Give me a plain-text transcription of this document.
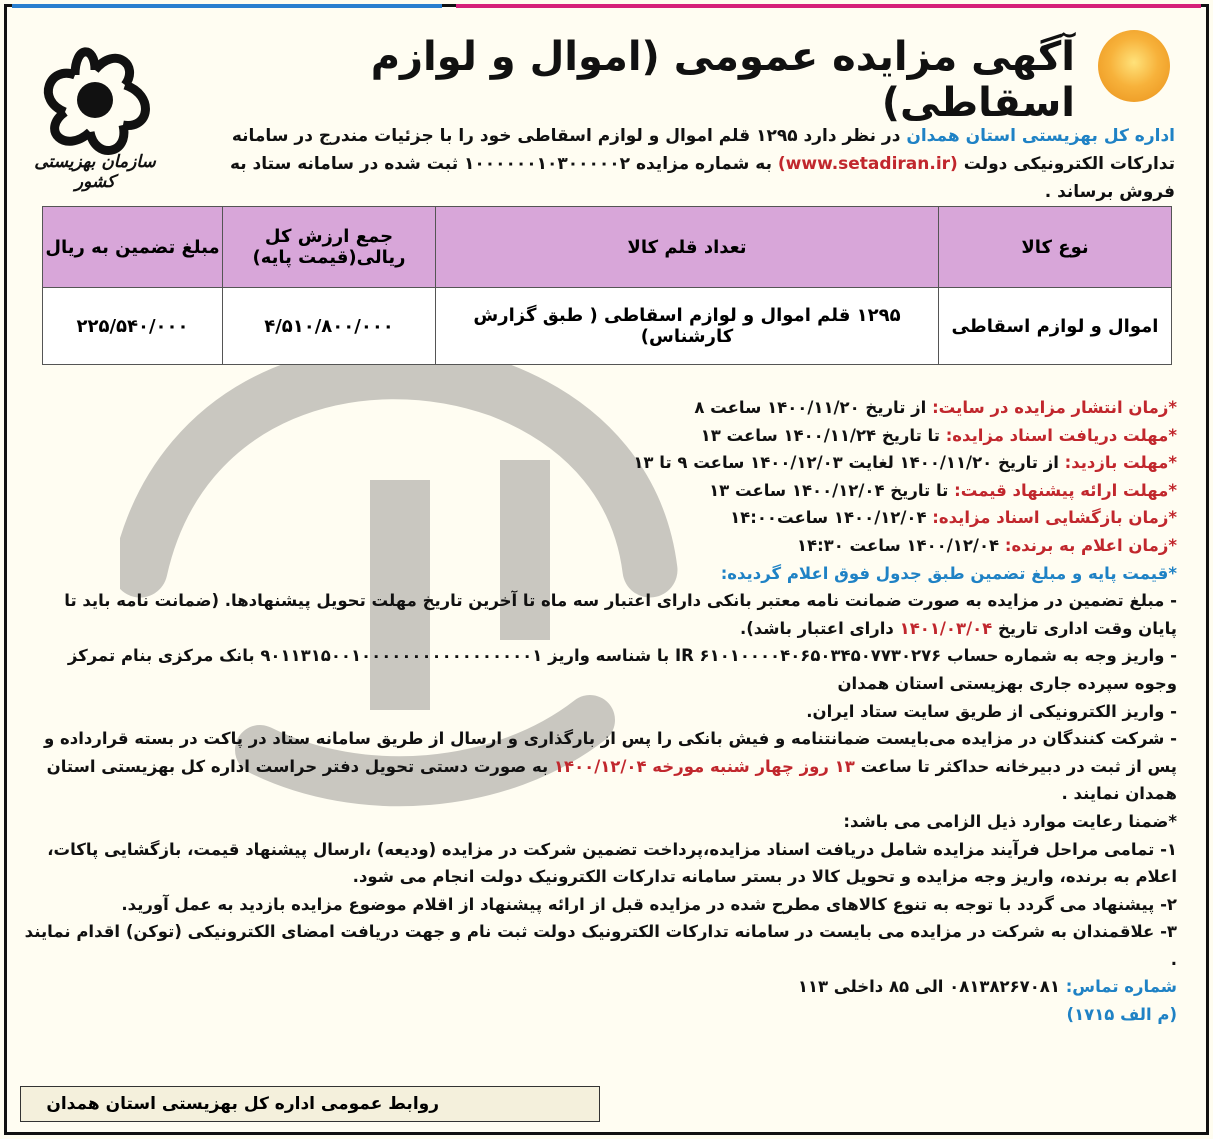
آگهی مزایده عمومی (اموال و لوازم اسقاطی)
سازمان بهزیستی کشور
اداره کل بهزیستی استان همدان در نظر دارد ۱۲۹۵ قلم اموال و لوازم اسقاطی خود را با جزئیات مندرج در سامانه تدارکات الکترونیکی دولت (www.setadiran.ir) به شماره مزایده ۱۰۰۰۰۰۰۱۰۳۰۰۰۰۰۲ ثبت شده در سامانه ستاد به فروش برساند .
نوع کالا	تعداد قلم کالا	جمع ارزش کل ریالی(قیمت پایه)	مبلغ تضمین به ریال
اموال و لوازم اسقاطی	۱۲۹۵ قلم اموال و لوازم اسقاطی ( طبق گزارش کارشناس)	۴/۵۱۰/۸۰۰/۰۰۰	۲۲۵/۵۴۰/۰۰۰

*زمان انتشار مزایده در سایت: از تاریخ ۱۴۰۰/۱۱/۲۰ ساعت ۸

*مهلت دریافت اسناد مزایده: تا تاریخ ۱۴۰۰/۱۱/۲۴ ساعت ۱۳

*مهلت بازدید: از تاریخ ۱۴۰۰/۱۱/۲۰ لغایت ۱۴۰۰/۱۲/۰۳ ساعت ۹ تا ۱۳

*مهلت ارائه پیشنهاد قیمت: تا تاریخ ۱۴۰۰/۱۲/۰۴ ساعت ۱۳

*زمان بازگشایی اسناد مزایده: ۱۴۰۰/۱۲/۰۴ ساعت۱۴:۰۰

*زمان اعلام به برنده: ۱۴۰۰/۱۲/۰۴ ساعت ۱۴:۳۰

*قیمت پایه و مبلغ تضمین طبق جدول فوق اعلام گردیده:

- مبلغ تضمین در مزایده به صورت ضمانت نامه معتبر بانکی دارای اعتبار سه ماه تا آخرین تاریخ مهلت تحویل پیشنهادها. (ضمانت نامه باید تا پایان وقت اداری تاریخ ۱۴۰۱/۰۳/۰۴ دارای اعتبار باشد).

- واریز وجه به شماره حساب IR ۶۱۰۱۰۰۰۰۴۰۶۵۰۳۴۵۰۷۷۳۰۲۷۶ با شناسه واریز ۹۰۱۱۳۱۵۰۰۱۰۰۰۰۰۰۰۰۰۰۰۰۰۰۰۰۰۱ بانک مرکزی بنام تمرکز وجوه سپرده جاری بهزیستی استان همدان

- واریز الکترونیکی از طریق سایت ستاد ایران.

- شرکت کنندگان در مزایده می‌بایست ضمانتنامه و فیش بانکی را پس از بارگذاری و ارسال از طریق سامانه ستاد در پاکت در بسته قرارداده و پس از ثبت در دبیرخانه حداکثر تا ساعت ۱۳ روز چهار شنبه مورخه ۱۴۰۰/۱۲/۰۴ به صورت دستی تحویل دفتر حراست اداره کل بهزیستی استان همدان نمایند .

*ضمنا رعایت موارد ذیل الزامی می باشد:

۱- تمامی مراحل فرآیند مزایده شامل دریافت اسناد مزایده،پرداخت تضمین شرکت در مزایده (ودیعه) ،ارسال پیشنهاد قیمت، بازگشایی پاکات، اعلام به برنده، واریز وجه مزایده و تحویل کالا در بستر سامانه تدارکات الکترونیک دولت انجام می شود.

۲- پیشنهاد می گردد با توجه به تنوع کالاهای مطرح شده در مزایده قبل از ارائه پیشنهاد از اقلام موضوع مزایده بازدید به عمل آورید.

۳- علاقمندان به شرکت در مزایده می بایست در سامانه تدارکات الکترونیک دولت ثبت نام و جهت دریافت امضای الکترونیکی (توکن) اقدام نمایند .

شماره تماس: ۰۸۱۳۸۲۶۷۰۸۱ الی ۸۵ داخلی ۱۱۳

(م الف ۱۷۱۵)

روابط عمومی اداره کل بهزیستی استان همدان
